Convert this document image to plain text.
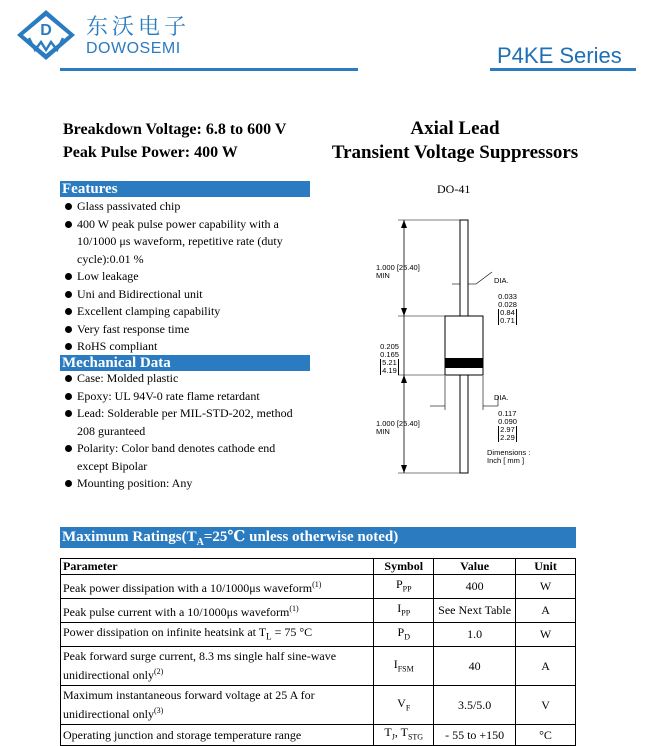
D 东沃电子
DOWOSEMI	P4KE Series
Breakdown Voltage: 6.8 to 600 V
Peak Pulse Power: 400 W
Axial Lead
Transient Voltage Suppressors
Features
Glass passivated chip
400 W peak pulse power capability with a 10/1000 μs waveform, repetitive rate (duty cycle):0.01 %
Low leakage
Uni and Bidirectional unit
Excellent clamping capability
Very fast response time
RoHS compliant
Mechanical Data
Case: Molded plastic
Epoxy: UL 94V-0 rate flame retardant
Lead: Solderable per MIL-STD-202, method 208 guranteed
Polarity: Color band denotes cathode end except Bipolar
Mounting position: Any
DO-41
1.000 [25.40]
MIN
1.000 [25.40]
MIN

0.205
0.165
5.21
4.19

DIA.

0.033
0.028
0.84
0.71

DIA.

0.117
0.090
2.97
2.29

Dimensions :
Inch [ mm ]
Maximum $Ratings(T_A=25℃$ unless otherwise noted)
Parameter	Symbol	Value	Unit
Peak power dissipation with a 10/1000μs waveform$^{(1)}$	$P_{PP}$	400	W
Peak pulse current with a 10/1000μs waveform$^{(1)}$	$I_{PP}$	See Next Table	A
Power dissipation on infinite heatsink at $T_L = 75$ °C	$P_D$	1.0	W
Peak forward surge current, 8.3 ms single half sine-wave unidirectional only$^{(2)}$	$I_{FSM}$	40	A
Maximum instantaneous forward voltage at 25 A for unidirectional only$^{(3)}$	$V_F$	3.5/5.0	V
Operating junction and storage temperature range	$T_J$, $T_{STG}$	- 55 to +150	°C
